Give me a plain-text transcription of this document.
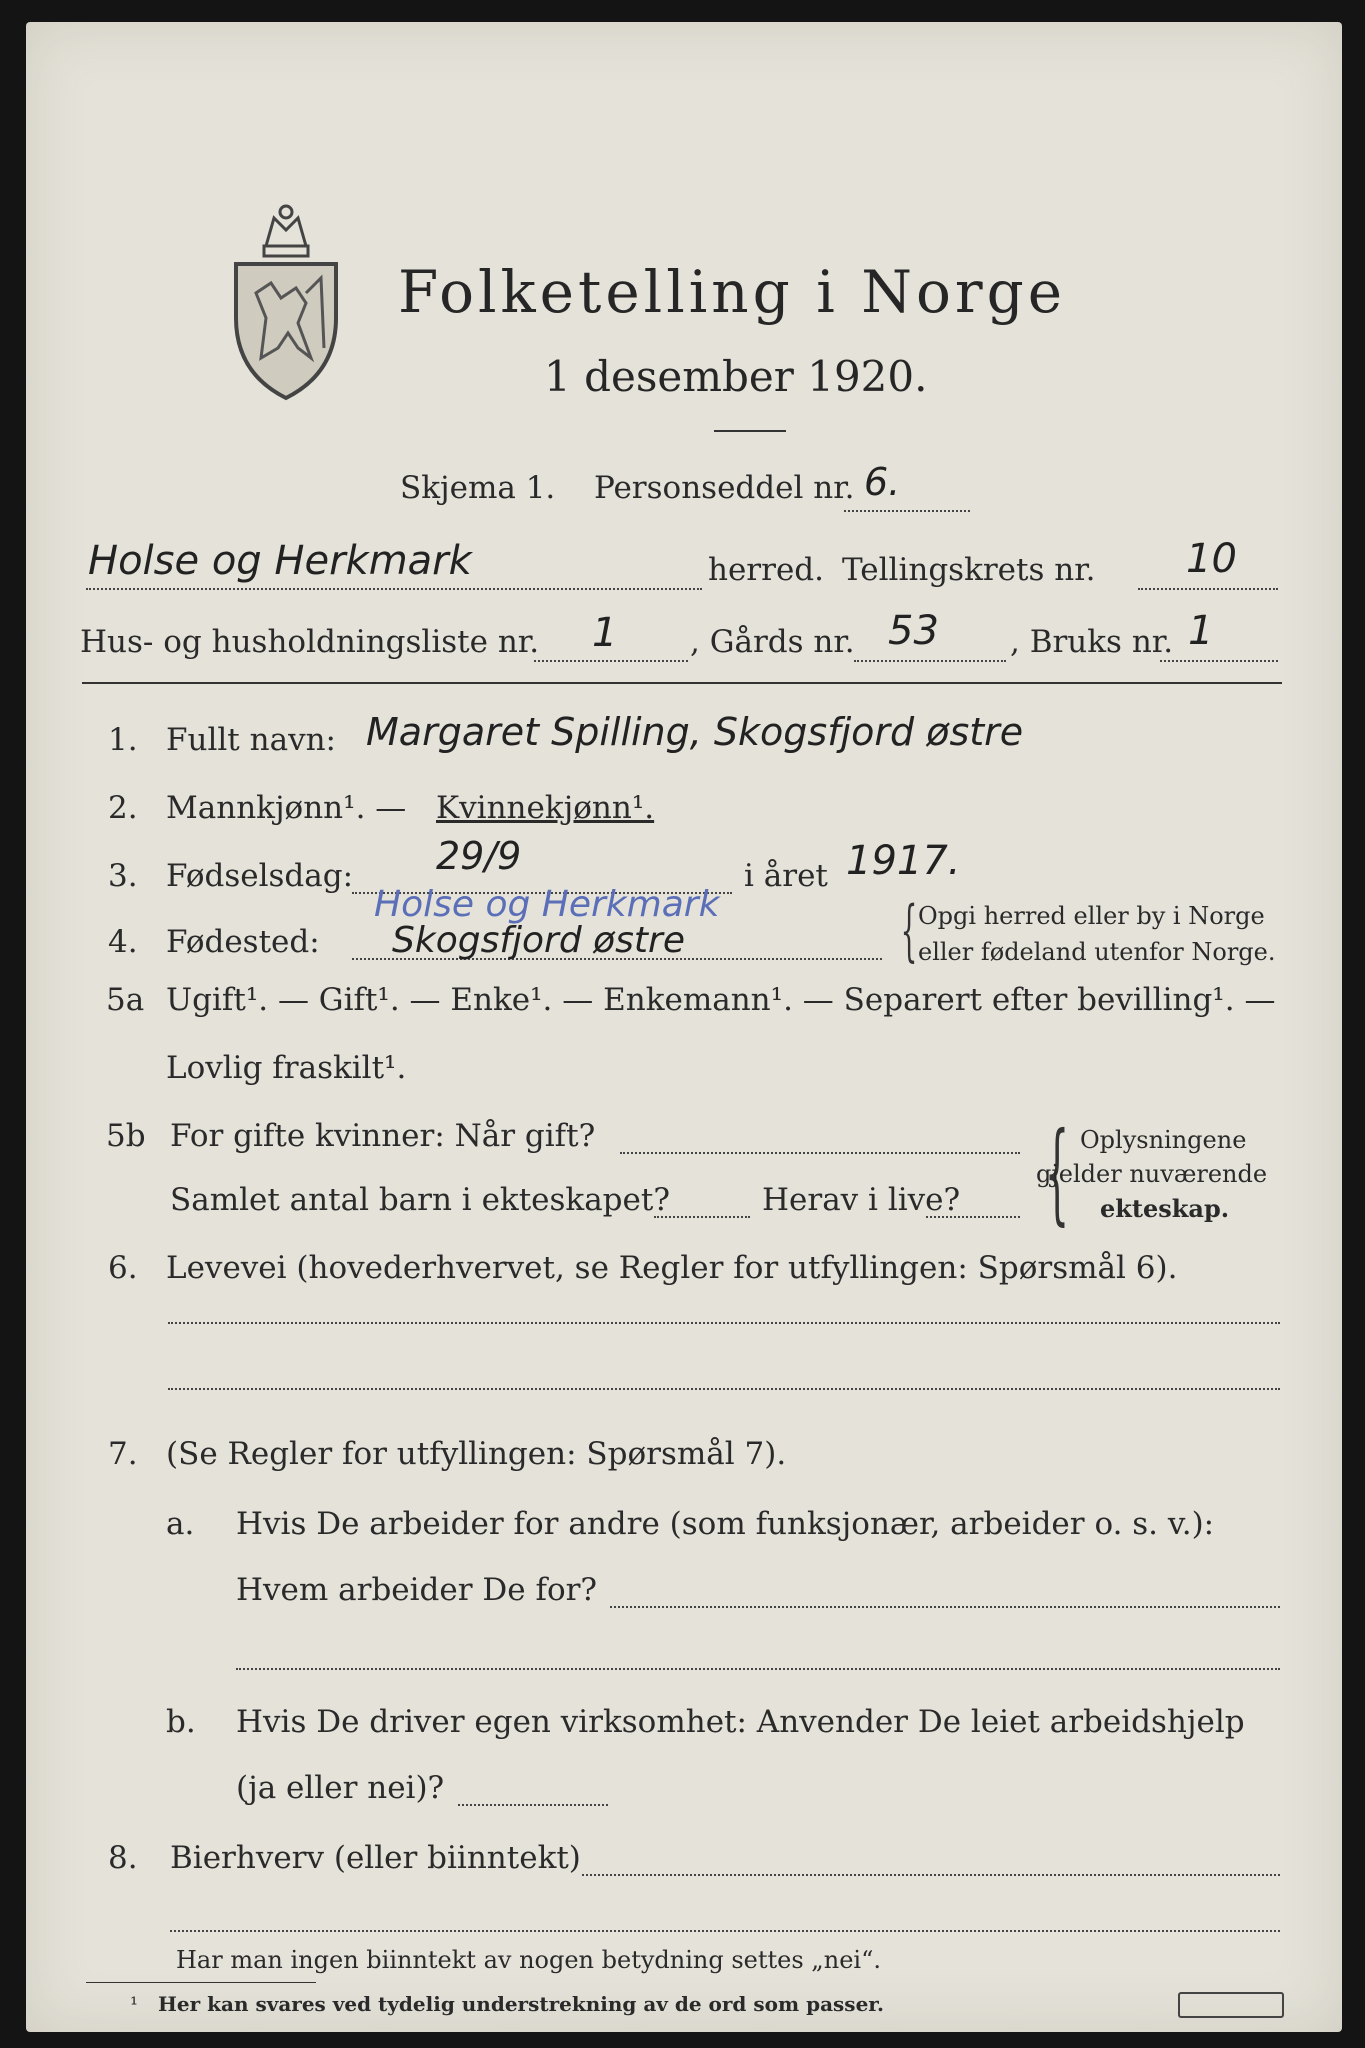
Folketelling i Norge
1 desember 1920.
Skjema 1. Personseddel nr. 6.
Holse og Herkmark	herred. Tellingskrets nr. 10
Hus- og husholdningsliste nr. 1 , Gårds nr. 53 , Bruks nr. 1
1. Fullt navn: Margaret Spilling, Skogsfjord østre
2. Mannkjønn¹. — Kvinnekjønn¹.
3. Fødselsdag: 29/9	i året 1917.
4. Fødested:
Holse og Herkmark
Skogsfjord østre	{ Opgi herred eller by i Norge
eller fødeland utenfor Norge.
5a Ugift¹. — Gift¹. — Enke¹. — Enkemann¹. — Separert efter bevilling¹. —
Lovlig fraskilt¹.
5b For gifte kvinner: Når gift?
Samlet antal barn i ekteskapet?	Herav i live? { Oplysningene
gjelder nuværende
ekteskap.
6. Levevei (hovederhvervet, se Regler for utfyllingen: Spørsmål 6).
7. (Se Regler for utfyllingen: Spørsmål 7).
a. Hvis De arbeider for andre (som funksjonær, arbeider o. s. v.):
Hvem arbeider De for?
b. Hvis De driver egen virksomhet: Anvender De leiet arbeidshjelp
(ja eller nei)?
8. Bierhverv (eller biinntekt)
Har man ingen biinntekt av nogen betydning settes „nei“.
¹ Her kan svares ved tydelig understrekning av de ord som passer.
